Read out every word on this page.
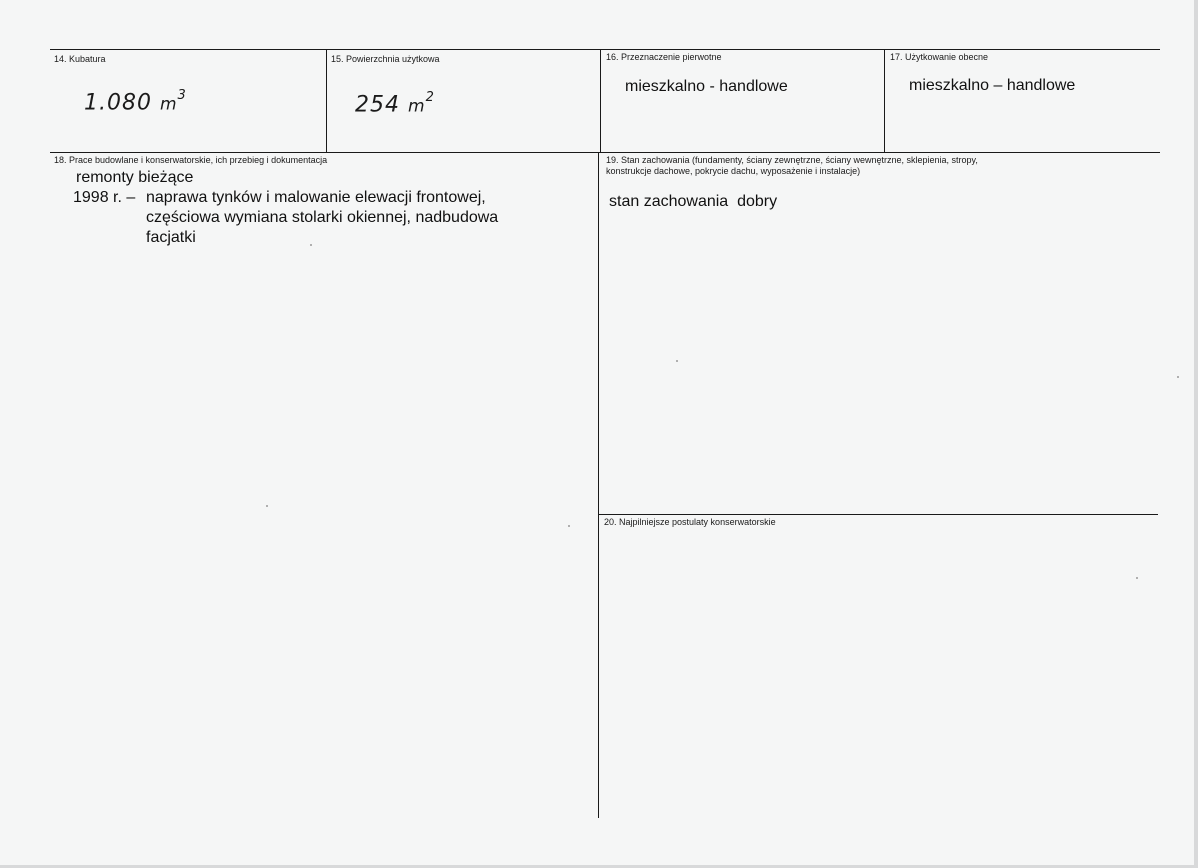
14. Kubatura
1.080 $m^3$
15. Powierzchnia użytkowa
254 $m^2$
16. Przeznaczenie pierwotne
mieszkalno - handlowe
17. Użytkowanie obecne
mieszkalno – handlowe
18. Prace budowlane i konserwatorskie, ich przebieg i dokumentacja
remonty bieżące
1998 r. – naprawa tynków i malowanie elewacji frontowej,
częściowa wymiana stolarki okiennej, nadbudowa
facjatki
19. Stan zachowania (fundamenty, ściany zewnętrzne, ściany wewnętrzne, sklepienia, stropy,
konstrukcje dachowe, pokrycie dachu, wyposażenie i instalacje)
stan zachowania  dobry
20. Najpilniejsze postulaty konserwatorskie
